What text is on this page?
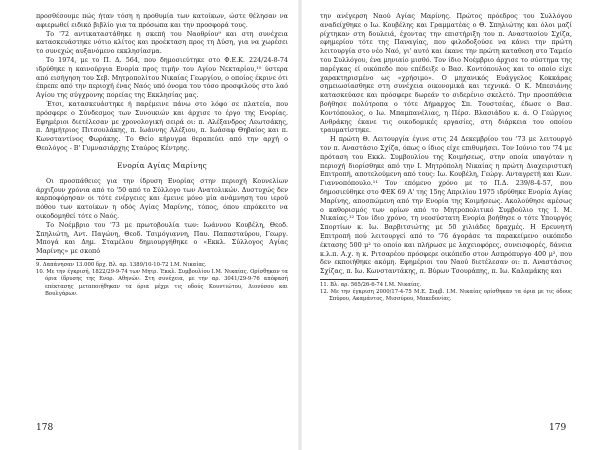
προσθέσουμε πώς ήταν τόση η προθυμία των κατοίκων, ώστε θέλησαν να αφιερωθεί ειδικό βιβλίο για τα πρόσωπα και την προσφορά τους.

Το '72 αντικαταστάθηκε η σκεπή του Ναοθρίου⁹ και στη συνέχεια κατασκευάστηκε νότιο κλίτος και προέκταση προς τη Δύση, για να χωρέσει το συνεχώς αυξανόμενο εκκλησίασμα.

Το 1974, με το Π. Δ. 564, που δημοσιεύτηκε στο Φ.Ε.Κ. 224/24-8-74 ιδρύθηκε η καινούργια Ενορία προς τιμήν του Αγίου Νεκταρίου,¹⁰ ύστερα από εισήγηση του Σεβ. Μητροπολίτου Νικαίας Γεωργίου, ο οποίος έκρινε ότι έπρεπε από την περιοχή ένας Ναός υπό όνομα του τόσο προσφιλούς στο λαό Αγίου της σύγχρονης πορείας της Εκκλησίας μας.

Έτσι, κατασκευάστηκε ή παρέμεινε πάνω στο λόφο σε πλατεία, που πρόσφερε ο Σύνδεσμος των Συνοικιών και άρχισε το έργο της Ενορίας. Εφημέριοι διετέλεσαν με χρονολογική σειρά οι: π. Αλέξανδρος Λεωτσάκης, π. Δημήτριος Πιτσουλάκης, π. Ιωάννης Αλέξιου, π. Ιωάσαφ Θηβαίος και π. Κωνσταντίνος Φωράκης. Το Θείο κήρυγμα θεραπεύει από την αρχή ο Θεολόγος - Β' Γυμνασιάρχης Σταύρος Κέντρης.

Ενορία Αγίας Μαρίνης

Οι προσπάθειες για την ίδρυση Ενορίας στην περιοχή Κουνελίων άρχιζουν χρόνια από το '50 από το Σύλλογο των Ανατολικών. Δυστυχώς δεν καρποφόρησαν οι τότε ενέργειες και έμεινε μόνο μία ανάμνηση του ιερού πόθου των κατοίκων η οδός Αγίας Μαρίνης, τόπος, όπου επρόκειτο να οικοδομηθεί τότε ο Ναός.

Το Νοέμβριο του '73 με πρωτοβουλία των: Ιωάννου Κουβέλη, Θεοδ. Σπηλιώτη, Αντ. Παγώνη, Θεοδ. Τσιμόγιαννη, Παυ. Παπασταύρου, Γεωργ. Μπογά και Δημ. Σταμέλου δημιουργήθηκε ο «Εκκλ. Σύλλογος Αγίας Μαρίνης» με σκοπό

9. Δαπάνησαν 13.000 δρχ. Βλ. αρ. 1389/10-10-72 Ι.Μ. Νικαίας.

10. Με την έγκρισή, 1822/29-9-74 των Μητρ. Έκκλ. Συμβουλίου Ι.Μ. Νικαίας. Ορίσθηκαν τα όρια ίδρυσης της Ενορ. Αθηνών. Στη συνέχεια, με την αρ. 3041/29-9-76 απόφασή επέκτασης μεταποιήθηκαν τα όρια μέχρι τις οδούς Κουντιώτου, Διονύσου και Βουλγάρων.

την ανέγερση Ναού Αγίας Μαρίνης. Πρώτος πρόεδρος του Συλλόγου αναδείχθηκε ο Ιω. Κουβέλης και Γραμματέας ο Θ. Σπηλιώτης και όλοι μαζί ρίχτηκαν στη δουλειά, έχοντας την επιστήριξη του π. Αναστασίου Σχίζα, εφημερίου τότε της Παναγίας, που φιλοδοξούσε να κάνει την πρώτη λειτουργία στο νέο Ναό, γι' αυτό και έκανε την πρώτη καταθεση στο Ταμείο του Συλλόγου, ένα μηνιαίο μισθό. Τον ίδιο Νοέμβριο άρχισε το σύστημα της παρέγκας εί οικόπεδο που επέδειξε ο Βασ. Κοντόπουλος και το οποίο είχε χαρακτηρισμένο ως «χρήσιμο». Ο μηχανικός Ευάγγελος Κοκκάρας σημειωσίασθηκε στη συνέχεια οικονομικά και τεχνικά. Ο Κ. Μπεσιάνης κατασκεύασε και πρόσφερε δωρεάν το σιδερένιο σκελετό. Την προσπάθεια βοήθησε πολύτροπα ο τότε Δήμαρχος Σπ. Τουστσέας, έδωσε ο Βασ. Κοντόπουλος, ο Ιω. Μπαμπανέλιας, η Πέρσ. Βλασιάδου κ. ά. Ο Γεώργιος Ανθράκης έκανε τις οικοδομικές εργασίες, στη διάρκεια του οποίου τραυματίστηκε.

Η πρώτη Θ. Λειτουργία έγινε στις 24 Δεκεμβρίου του '73 με λειτουργό τον π. Αναστάσιο Σχίζα, όπως ο ίδιος είχε επιθυμήσει. Τον Ιούνιο του '74 με πρόταση του Εκκλ. Συμβουλίου της Κοιμήσεως, στην οποία υπαγόταν η περιοχή διορίσθηκε από την Ι. Μητρόπολη Νικαίας η πρώτη Διαχειριστική Επιτροπή, αποτελούμενη από τους: Ιω. Κουβέλη, Γεώργ. Ανταγρετή και Κων. Γιαννοπόπουλο.¹¹ Τον επόμενο χρόνο με το Π.Δ. 239/8-4-57, που δημοσιεύθηκε στο ΦΕΚ 69 Α' της 15ης Απριλίου 1975 ιδρύθηκε Ενορία Αγίας Μαρίνης, αποσπώμενη από την Ενορία της Κοιμήσεως. Ακολούθησε αμέσως ο καθορισμός των ορίων από το Μητροπολιτικό Συμβούλιο της Ι. Μ. Νικαίας.¹² Τον ίδιο χρόνο, τη νεοσύστατη Ενορία βοήθησε ο τότε Υπουργός Σπορτίων κ. Ιω. Βαρβιτσιώτης με 50 χιλιάδες δραχμές. Η Ερευνητή Επιτροπή πού λειτουργεί από το '76 άγοράσε τα παρακείμενο οικόπεδο έκτασης 500 μ² το οποίο και πλήρωσε με λαχειοφόρες, συνεισφορές, δάνεια κ.λ.π. Α.χ. η κ. Ριτσαρέου πρόσφερε οικόπεδο στον Ασπρόπυργο 400 μ², που δεν εκποιήθηκε ακόμη. Εφημέριοι του Ναού διετέλεσαν οι: π. Αναστάσιος Σχίζας, π. Ιω. Κωνσταντάκης, π. Βύρων Τσουράπης, π. Ιω. Καλαμάκης και

11. Βλ. αρ. 565/26-6-74 Ι.Μ. Νικαίας.

12. Με την έγκριση 2000/17-4-75 Μ.Ε. Συμβ. Ι.Μ. Νικαίας ορίσθηκαν τα όρια με τις όδους Σπύρου, Ακαμάντος, Μισσύρου, Μακεδονίας.

178	179
